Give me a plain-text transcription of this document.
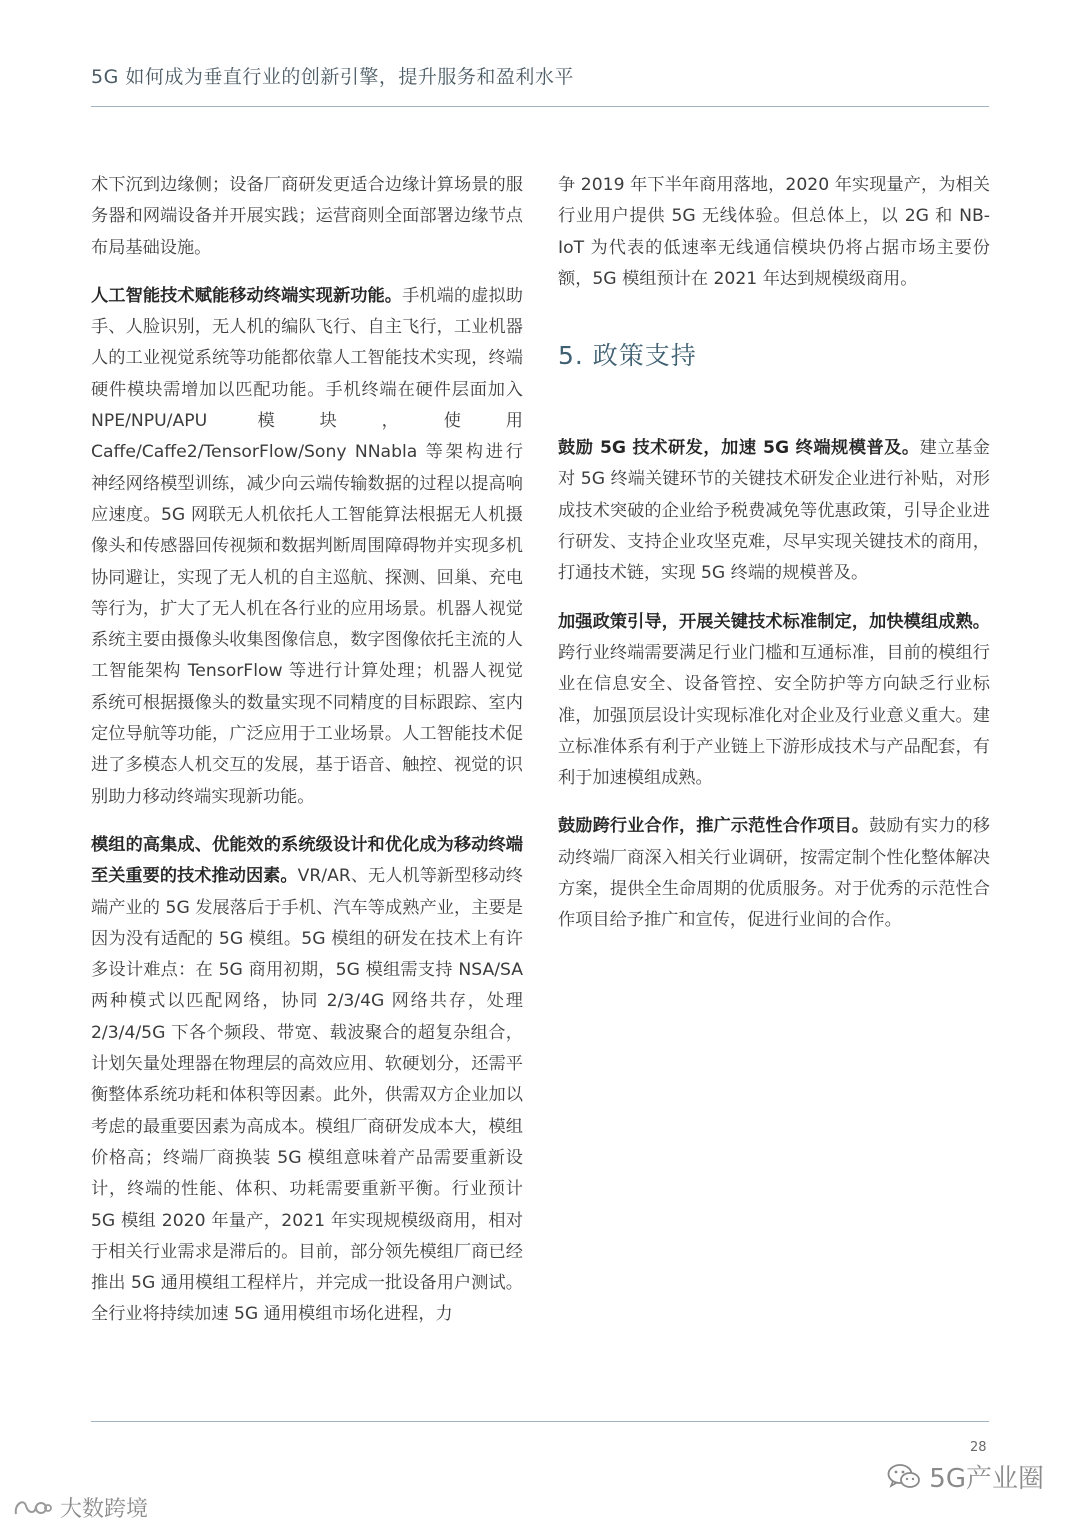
5G 如何成为垂直行业的创新引擎，提升服务和盈利水平

术下沉到边缘侧；设备厂商研发更适合边缘计算场景的服务器和网端设备并开展实践；运营商则全面部署边缘节点布局基础设施。

人工智能技术赋能移动终端实现新功能。手机端的虚拟助手、人脸识别，无人机的编队飞行、自主飞行，工业机器人的工业视觉系统等功能都依靠人工智能技术实现，终端硬件模块需增加以匹配功能。手机终端在硬件层面加入 NPE/NPU/APU 模块，使用 Caffe/Caffe2/TensorFlow/Sony NNabla 等架构进行神经网络模型训练，减少向云端传输数据的过程以提高响应速度。5G 网联无人机依托人工智能算法根据无人机摄像头和传感器回传视频和数据判断周围障碍物并实现多机协同避让，实现了无人机的自主巡航、探测、回巢、充电等行为，扩大了无人机在各行业的应用场景。机器人视觉系统主要由摄像头收集图像信息，数字图像依托主流的人工智能架构 TensorFlow 等进行计算处理；机器人视觉系统可根据摄像头的数量实现不同精度的目标跟踪、室内定位导航等功能，广泛应用于工业场景。人工智能技术促进了多模态人机交互的发展，基于语音、触控、视觉的识别助力移动终端实现新功能。

模组的高集成、优能效的系统级设计和优化成为移动终端至关重要的技术推动因素。VR/AR、无人机等新型移动终端产业的 5G 发展落后于手机、汽车等成熟产业，主要是因为没有适配的 5G 模组。5G 模组的研发在技术上有许多设计难点：在 5G 商用初期，5G 模组需支持 NSA/SA 两种模式以匹配网络，协同 2/3/4G 网络共存，处理 2/3/4/5G 下各个频段、带宽、载波聚合的超复杂组合，计划矢量处理器在物理层的高效应用、软硬划分，还需平衡整体系统功耗和体积等因素。此外，供需双方企业加以考虑的最重要因素为高成本。模组厂商研发成本大，模组价格高；终端厂商换装 5G 模组意味着产品需要重新设计，终端的性能、体积、功耗需要重新平衡。行业预计 5G 模组 2020 年量产，2021 年实现规模级商用，相对于相关行业需求是滞后的。目前，部分领先模组厂商已经推出 5G 通用模组工程样片，并完成一批设备用户测试。全行业将持续加速 5G 通用模组市场化进程，力

争 2019 年下半年商用落地，2020 年实现量产，为相关行业用户提供 5G 无线体验。但总体上，以 2G 和 NB-IoT 为代表的低速率无线通信模块仍将占据市场主要份额，5G 模组预计在 2021 年达到规模级商用。

5. 政策支持

鼓励 5G 技术研发，加速 5G 终端规模普及。建立基金对 5G 终端关键环节的关键技术研发企业进行补贴，对形成技术突破的企业给予税费减免等优惠政策，引导企业进行研发、支持企业攻坚克难，尽早实现关键技术的商用，打通技术链，实现 5G 终端的规模普及。

加强政策引导，开展关键技术标准制定，加快模组成熟。跨行业终端需要满足行业门槛和互通标准，目前的模组行业在信息安全、设备管控、安全防护等方向缺乏行业标准，加强顶层设计实现标准化对企业及行业意义重大。建立标准体系有利于产业链上下游形成技术与产品配套，有利于加速模组成熟。

鼓励跨行业合作，推广示范性合作项目。鼓励有实力的移动终端厂商深入相关行业调研，按需定制个性化整体解决方案，提供全生命周期的优质服务。对于优秀的示范性合作项目给予推广和宣传，促进行业间的合作。

28
5G产业圈
大数跨境
